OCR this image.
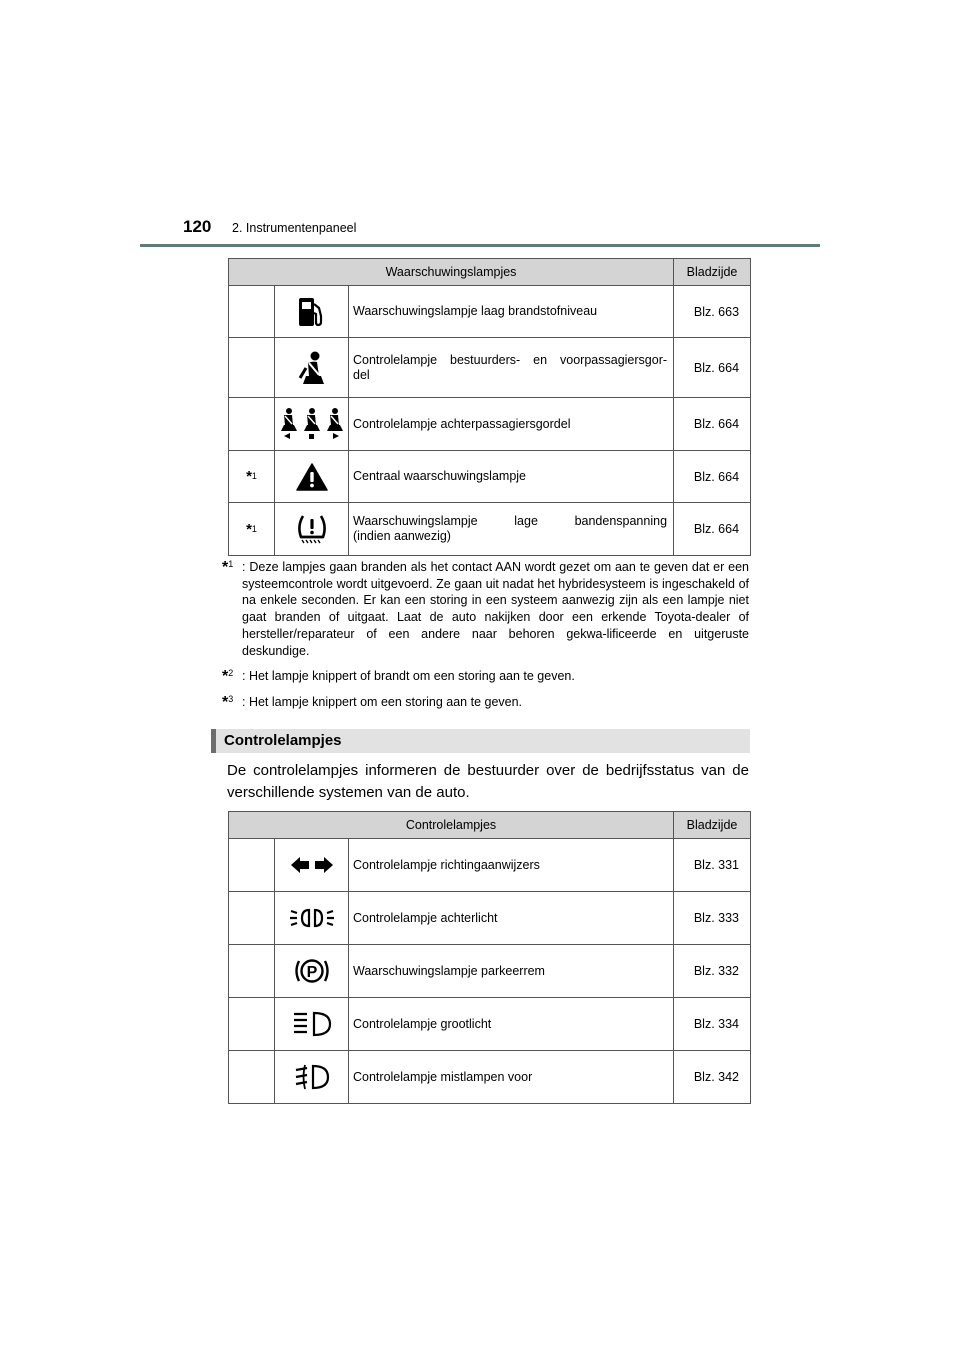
120 2. Instrumentenpaneel
Waarschuwingslampjes			Bladzijde

	Waarschuwingslampje laag brandstofniveau	Blz. 663

Controlelampje bestuurders- en voorpassagiersgor-
del	Blz. 664

	Controlelampje achterpassagiersgordel	Blz. 664
*1		Centraal waarschuwingslampje	Blz. 664
*1		Waarschuwingslampje lage bandenspanning
(indien aanwezig)	Blz. 664
*$^1$ : Deze lampjes gaan branden als het contact AAN wordt gezet om aan te geven dat er een systeemcontrole wordt uitgevoerd. Ze gaan uit nadat het hybridesysteem is ingeschakeld of na enkele seconden. Er kan een storing in een systeem aanwezig zijn als een lampje niet gaat branden of uitgaat. Laat de auto nakijken door een erkende Toyota-dealer of hersteller/reparateur of een andere naar behoren gekwa-lificeerde en uitgeruste deskundige.
*$^2$ : Het lampje knippert of brandt om een storing aan te geven.
*$^3$ : Het lampje knippert om een storing aan te geven.
Controlelampjes
De controlelampjes informeren de bestuurder over de bedrijfsstatus van de verschillende systemen van de auto.
Controlelampjes			Bladzijde

	Controlelampje richtingaanwijzers	Blz. 331

	Controlelampje achterlicht	Blz. 333

P	Waarschuwingslampje parkeerrem	Blz. 332

	Controlelampje grootlicht	Blz. 334

	Controlelampje mistlampen voor	Blz. 342
